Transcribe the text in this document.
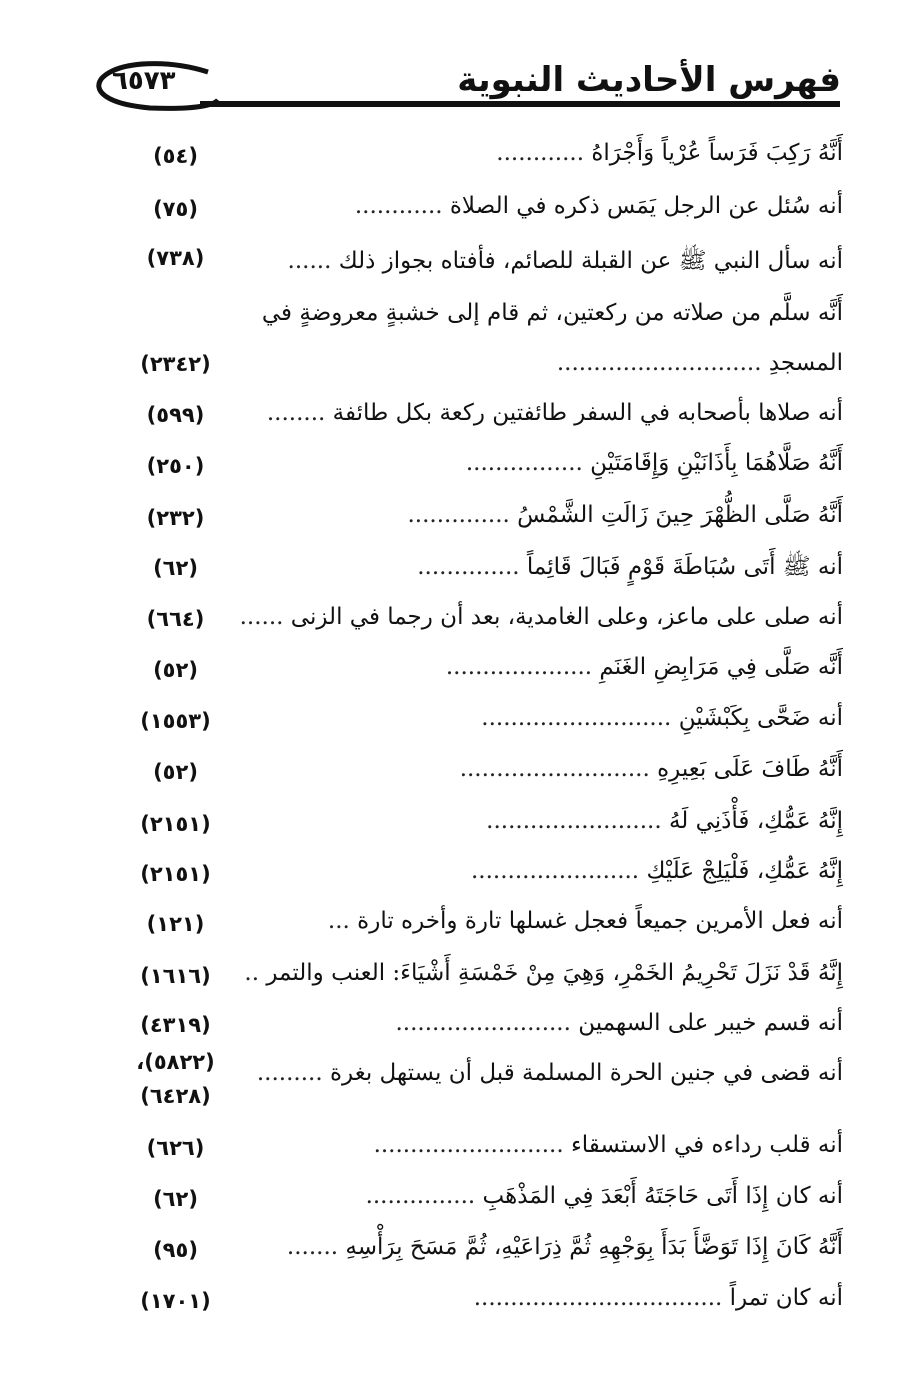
فهرس الأحاديث النبوية
٦٥٧٣
أَنَّهُ رَكِبَ فَرَساً عُرْياً وَأَجْرَاهُ ............
(٥٤)
أنه سُئل عن الرجل يَمَس ذكره في الصلاة ............
(٧٥)
أنه سأل النبي ﷺ عن القبلة للصائم، فأفتاه بجواز ذلك ......
(٧٣٨)
أَنَّه سلَّم من صلاته من ركعتين، ثم قام إلى خشبةٍ معروضةٍ في
المسجدِ ............................
(٢٣٤٢)
أنه صلاها بأصحابه في السفر طائفتين ركعة بكل طائفة ........
(٥٩٩)
أَنَّهُ صَلَّاهُمَا بِأَذَانَيْنِ وَإِقَامَتَيْنِ ................
(٢٥٠)
أَنَّهُ صَلَّى الظُّهْرَ حِينَ زَالَتِ الشَّمْسُ ..............
(٢٣٢)
أنه ﷺ أَتَى سُبَاطَةَ قَوْمٍ فَبَالَ قَائِماً ..............
(٦٢)
أنه صلى على ماعز، وعلى الغامدية، بعد أن رجما في الزنى ......
(٦٦٤)
أَنَّه صَلَّى فِي مَرَابِضِ الغَنَمِ ....................
(٥٢)
أنه ضَحَّى بِكَبْشَيْنِ ..........................
(١٥٥٣)
أَنَّهُ طَافَ عَلَى بَعِيرِهِ ..........................
(٥٢)
إِنَّهُ عَمُّكِ، فَأْذَنِي لَهُ ........................
(٢١٥١)
إِنَّهُ عَمُّكِ، فَلْيَلِجْ عَلَيْكِ .......................
(٢١٥١)
أنه فعل الأمرين جميعاً فعجل غسلها تارة وأخره تارة ...
(١٢١)
إِنَّهُ قَدْ نَزَلَ تَحْرِيمُ الخَمْرِ، وَهِيَ مِنْ خَمْسَةِ أَشْيَاءَ: العنب والتمر ..
(١٦١٦)
أنه قسم خيبر على السهمين ........................
(٤٣١٩)
أنه قضى في جنين الحرة المسلمة قبل أن يستهل بغرة .........
(٥٨٢٢)،
(٦٤٢٨)
أنه قلب رداءه في الاستسقاء ..........................
(٦٢٦)
أنه كان إِذَا أَتَى حَاجَتَهُ أَبْعَدَ فِي المَذْهَبِ ...............
(٦٢)
أَنَّهُ كَانَ إِذَا تَوَضَّأَ بَدَأَ بِوَجْهِهِ ثُمَّ ذِرَاعَيْهِ، ثُمَّ مَسَحَ بِرَأْسِهِ .......
(٩٥)
أنه كان تمراً ..................................
(١٧٠١)
